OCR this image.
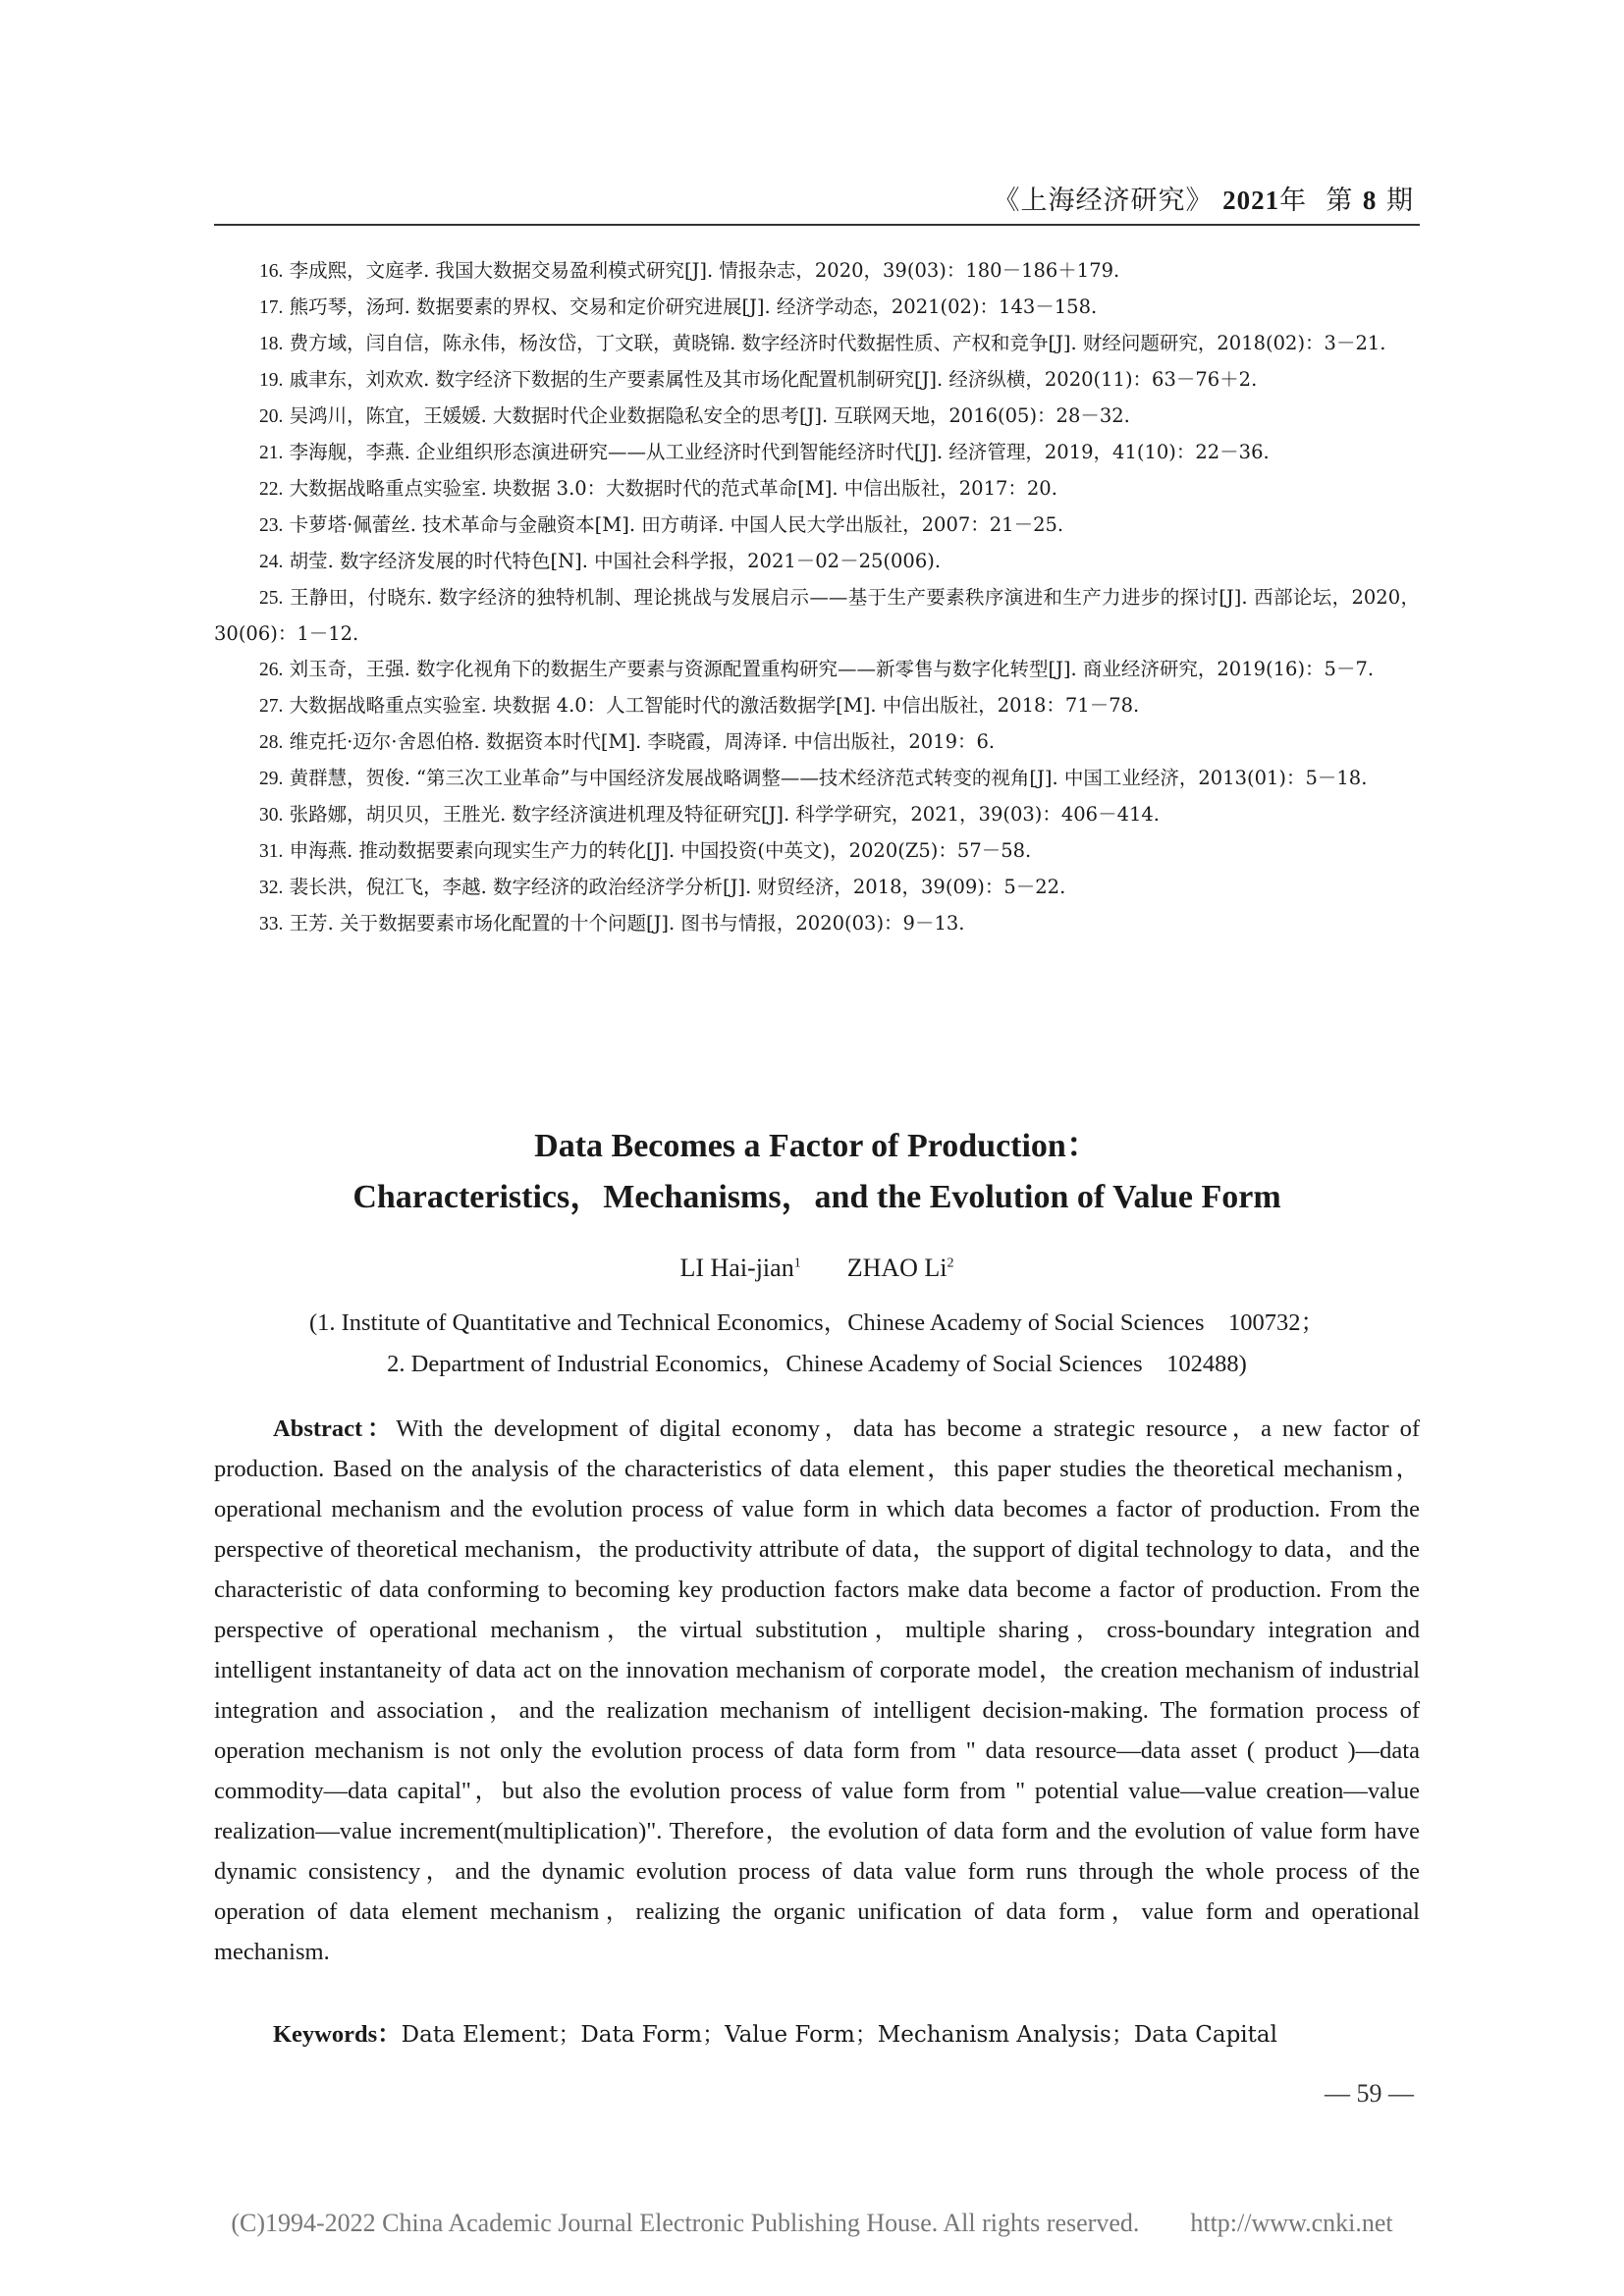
《上海经济研究》 2021年 第 8 期

16. 李成熙，文庭孝. 我国大数据交易盈利模式研究[J]. 情报杂志，2020，39(03)：180－186＋179.

17. 熊巧琴，汤珂. 数据要素的界权、交易和定价研究进展[J]. 经济学动态，2021(02)：143－158.

18. 费方域，闫自信，陈永伟，杨汝岱，丁文联，黄晓锦. 数字经济时代数据性质、产权和竞争[J]. 财经问题研究，2018(02)：3－21.

19. 戚聿东，刘欢欢. 数字经济下数据的生产要素属性及其市场化配置机制研究[J]. 经济纵横，2020(11)：63－76＋2.

20. 吴鸿川，陈宜，王媛媛. 大数据时代企业数据隐私安全的思考[J]. 互联网天地，2016(05)：28－32.

21. 李海舰，李燕. 企业组织形态演进研究——从工业经济时代到智能经济时代[J]. 经济管理，2019，41(10)：22－36.

22. 大数据战略重点实验室. 块数据 3.0：大数据时代的范式革命[M]. 中信出版社，2017：20.

23. 卡萝塔·佩蕾丝. 技术革命与金融资本[M]. 田方萌译. 中国人民大学出版社，2007：21－25.

24. 胡莹. 数字经济发展的时代特色[N]. 中国社会科学报，2021－02－25(006).

25. 王静田，付晓东. 数字经济的独特机制、理论挑战与发展启示——基于生产要素秩序演进和生产力进步的探讨[J]. 西部论坛，2020，30(06)：1－12.

26. 刘玉奇，王强. 数字化视角下的数据生产要素与资源配置重构研究——新零售与数字化转型[J]. 商业经济研究，2019(16)：5－7.

27. 大数据战略重点实验室. 块数据 4.0：人工智能时代的激活数据学[M]. 中信出版社，2018：71－78.

28. 维克托·迈尔·舍恩伯格. 数据资本时代[M]. 李晓霞，周涛译. 中信出版社，2019：6.

29. 黄群慧，贺俊. “第三次工业革命”与中国经济发展战略调整——技术经济范式转变的视角[J]. 中国工业经济，2013(01)：5－18.

30. 张路娜，胡贝贝，王胜光. 数字经济演进机理及特征研究[J]. 科学学研究，2021，39(03)：406－414.

31. 申海燕. 推动数据要素向现实生产力的转化[J]. 中国投资(中英文)，2020(Z5)：57－58.

32. 裴长洪，倪江飞，李越. 数字经济的政治经济学分析[J]. 财贸经济，2018，39(09)：5－22.

33. 王芳. 关于数据要素市场化配置的十个问题[J]. 图书与情报，2020(03)：9－13.

Data Becomes a Factor of Production：
Characteristics，Mechanisms，and the Evolution of Value Form
LI Hai-jian$^1$ ZHAO Li$^2$
(1. Institute of Quantitative and Technical Economics，Chinese Academy of Social Sciences　100732；
2. Department of Industrial Economics，Chinese Academy of Social Sciences　102488)

Abstract：With the development of digital economy，data has become a strategic resource，a new factor of production. Based on the analysis of the characteristics of data element，this paper studies the theoretical mechanism，operational mechanism and the evolution process of value form in which data becomes a factor of production. From the perspective of theoretical mechanism，the productivity attribute of data，the support of digital technology to data，and the characteristic of data conforming to becoming key production factors make data become a factor of production. From the perspective of operational mechanism，the virtual substitution，multiple sharing，cross-boundary integration and intelligent instantaneity of data act on the innovation mechanism of corporate model，the creation mechanism of industrial integration and association，and the realization mechanism of intelligent decision-making. The formation process of operation mechanism is not only the evolution process of data form from " data resource—data asset ( product )—data commodity—data capital"，but also the evolution process of value form from " potential value—value creation—value realization—value increment(multiplication)". Therefore，the evolution of data form and the evolution of value form have dynamic consistency，and the dynamic evolution process of data value form runs through the whole process of the operation of data element mechanism，realizing the organic unification of data form，value form and operational mechanism.

Keywords：Data Element；Data Form；Value Form；Mechanism Analysis；Data Capital
— 59 —
(C)1994-2022 China Academic Journal Electronic Publishing House. All rights reserved.　　http://www.cnki.net
